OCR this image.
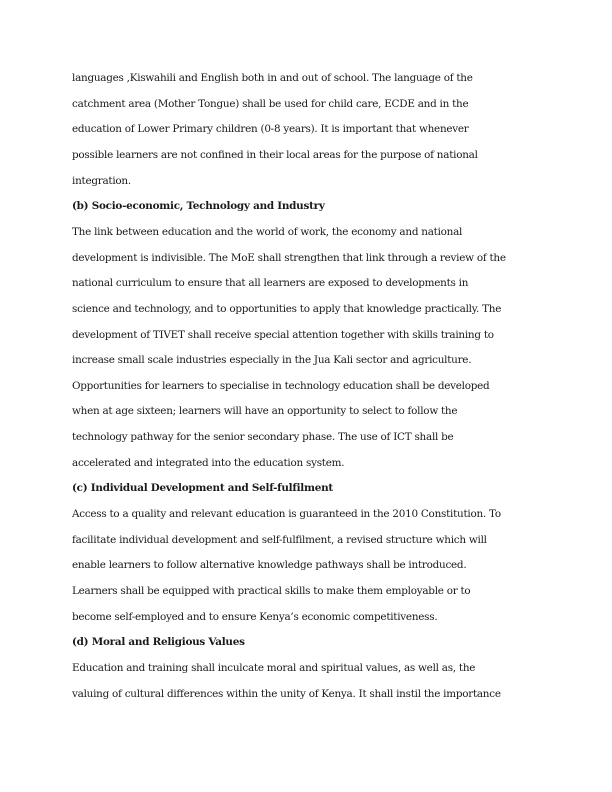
languages ,Kiswahili and English both in and out of school. The language of the
catchment area (Mother Tongue) shall be used for child care, ECDE and in the
education of Lower Primary children (0-8 years). It is important that whenever
possible learners are not confined in their local areas for the purpose of national
integration.
(b) Socio-economic, Technology and Industry
The link between education and the world of work, the economy and national
development is indivisible. The MoE shall strengthen that link through a review of the
national curriculum to ensure that all learners are exposed to developments in
science and technology, and to opportunities to apply that knowledge practically. The
development of TIVET shall receive special attention together with skills training to
increase small scale industries especially in the Jua Kali sector and agriculture.
Opportunities for learners to specialise in technology education shall be developed
when at age sixteen; learners will have an opportunity to select to follow the
technology pathway for the senior secondary phase. The use of ICT shall be
accelerated and integrated into the education system.
(c) Individual Development and Self-fulfilment
Access to a quality and relevant education is guaranteed in the 2010 Constitution. To
facilitate individual development and self-fulfilment, a revised structure which will
enable learners to follow alternative knowledge pathways shall be introduced.
Learners shall be equipped with practical skills to make them employable or to
become self-employed and to ensure Kenya’s economic competitiveness.
(d) Moral and Religious Values
Education and training shall inculcate moral and spiritual values, as well as, the
valuing of cultural differences within the unity of Kenya. It shall instil the importance
